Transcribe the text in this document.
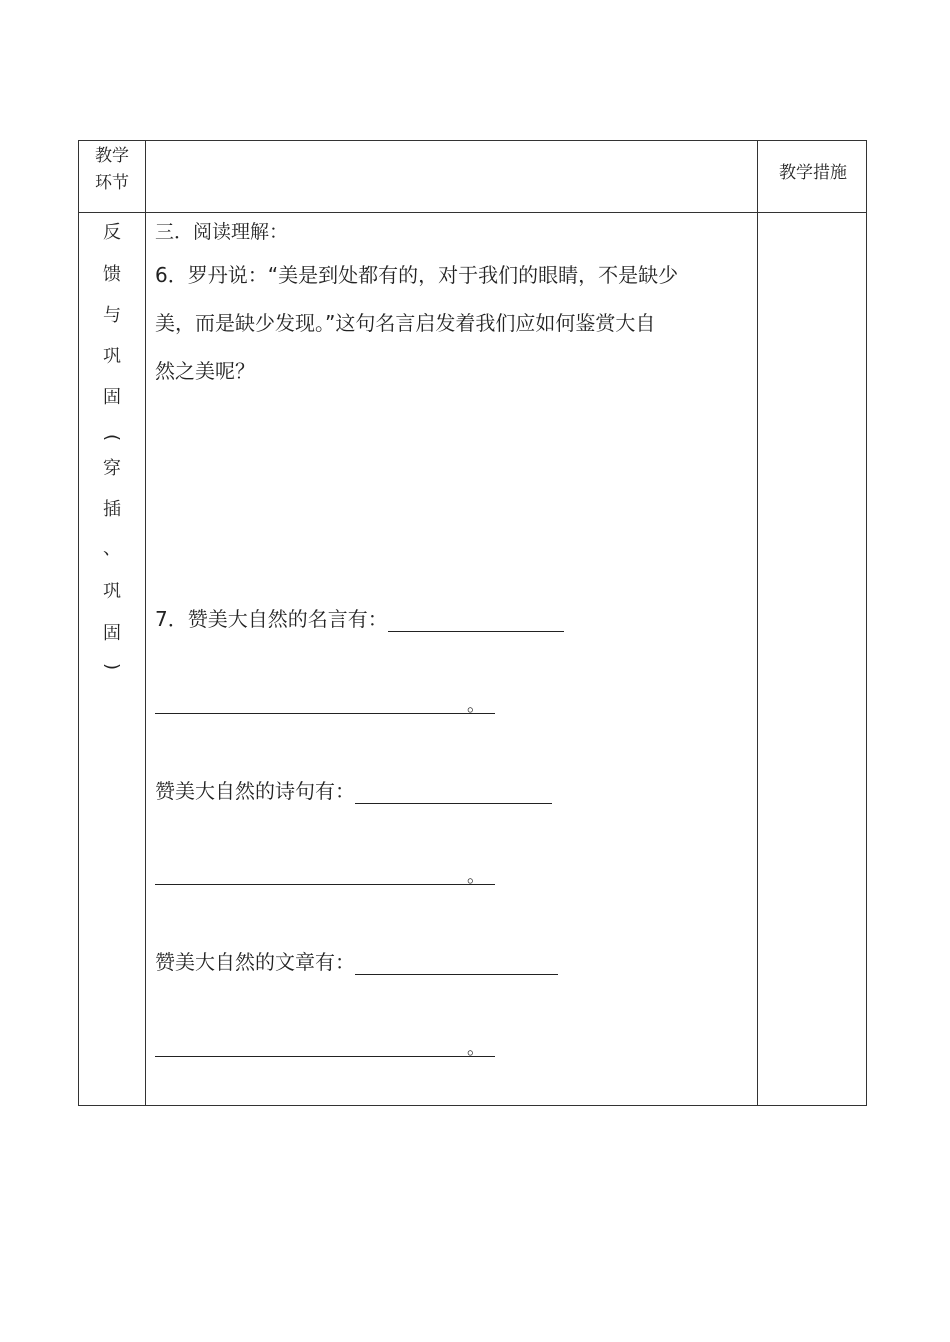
教学
环节	教学措施
反
馈
与
巩
固
(
穿
插
、
巩
固
)
三．阅读理解：
6．罗丹说：“美是到处都有的，对于我们的眼睛，不是缺少
美，而是缺少发现。”这句名言启发着我们应如何鉴赏大自
然之美呢？
7．赞美大自然的名言有：
。
赞美大自然的诗句有：
。
赞美大自然的文章有：
。
